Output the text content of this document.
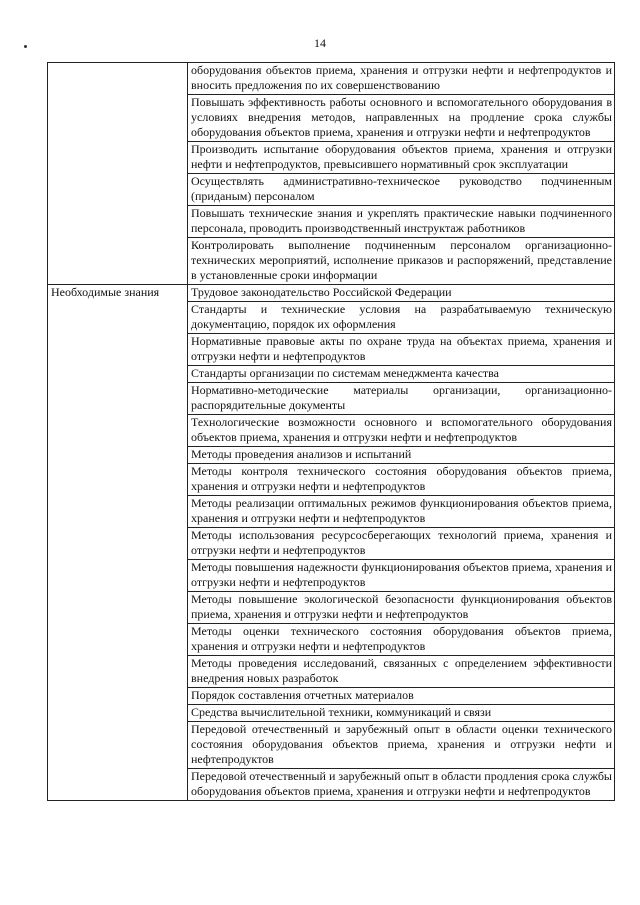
14
	оборудования объектов приема, хранения и отгрузки нефти и нефтепродуктов и вносить предложения по их совершенствованию
	Повышать эффективность работы основного и вспомогательного оборудования в условиях внедрения методов, направленных на продление срока службы оборудования объектов приема, хранения и отгрузки нефти и нефтепродуктов
	Производить испытание оборудования объектов приема, хранения и отгрузки нефти и нефтепродуктов, превысившего нормативный срок эксплуатации
	Осуществлять административно-техническое руководство подчиненным (приданым) персоналом
	Повышать технические знания и укреплять практические навыки подчиненного персонала, проводить производственный инструктаж работников
	Контролировать выполнение подчиненным персоналом организационно-технических мероприятий, исполнение приказов и распоряжений, представление в установленные сроки информации
Необходимые знания	Трудовое законодательство Российской Федерации
	Стандарты и технические условия на разрабатываемую техническую документацию, порядок их оформления
	Нормативные правовые акты по охране труда на объектах приема, хранения и отгрузки нефти и нефтепродуктов
	Стандарты организации по системам менеджмента качества
	Нормативно-методические материалы организации, организационно-распорядительные документы
	Технологические возможности основного и вспомогательного оборудования объектов приема, хранения и отгрузки нефти и нефтепродуктов
	Методы проведения анализов и испытаний
	Методы контроля технического состояния оборудования объектов приема, хранения и отгрузки нефти и нефтепродуктов
	Методы реализации оптимальных режимов функционирования объектов приема, хранения и отгрузки нефти и нефтепродуктов
	Методы использования ресурсосберегающих технологий приема, хранения и отгрузки нефти и нефтепродуктов
	Методы повышения надежности функционирования объектов приема, хранения и отгрузки нефти и нефтепродуктов
	Методы повышение экологической безопасности функционирования объектов приема, хранения и отгрузки нефти и нефтепродуктов
	Методы оценки технического состояния оборудования объектов приема, хранения и отгрузки нефти и нефтепродуктов
	Методы проведения исследований, связанных с определением эффективности внедрения новых разработок
	Порядок составления отчетных материалов
	Средства вычислительной техники, коммуникаций и связи
	Передовой отечественный и зарубежный опыт в области оценки технического состояния оборудования объектов приема, хранения и отгрузки нефти и нефтепродуктов
	Передовой отечественный и зарубежный опыт в области продления срока службы оборудования объектов приема, хранения и отгрузки нефти и нефтепродуктов
